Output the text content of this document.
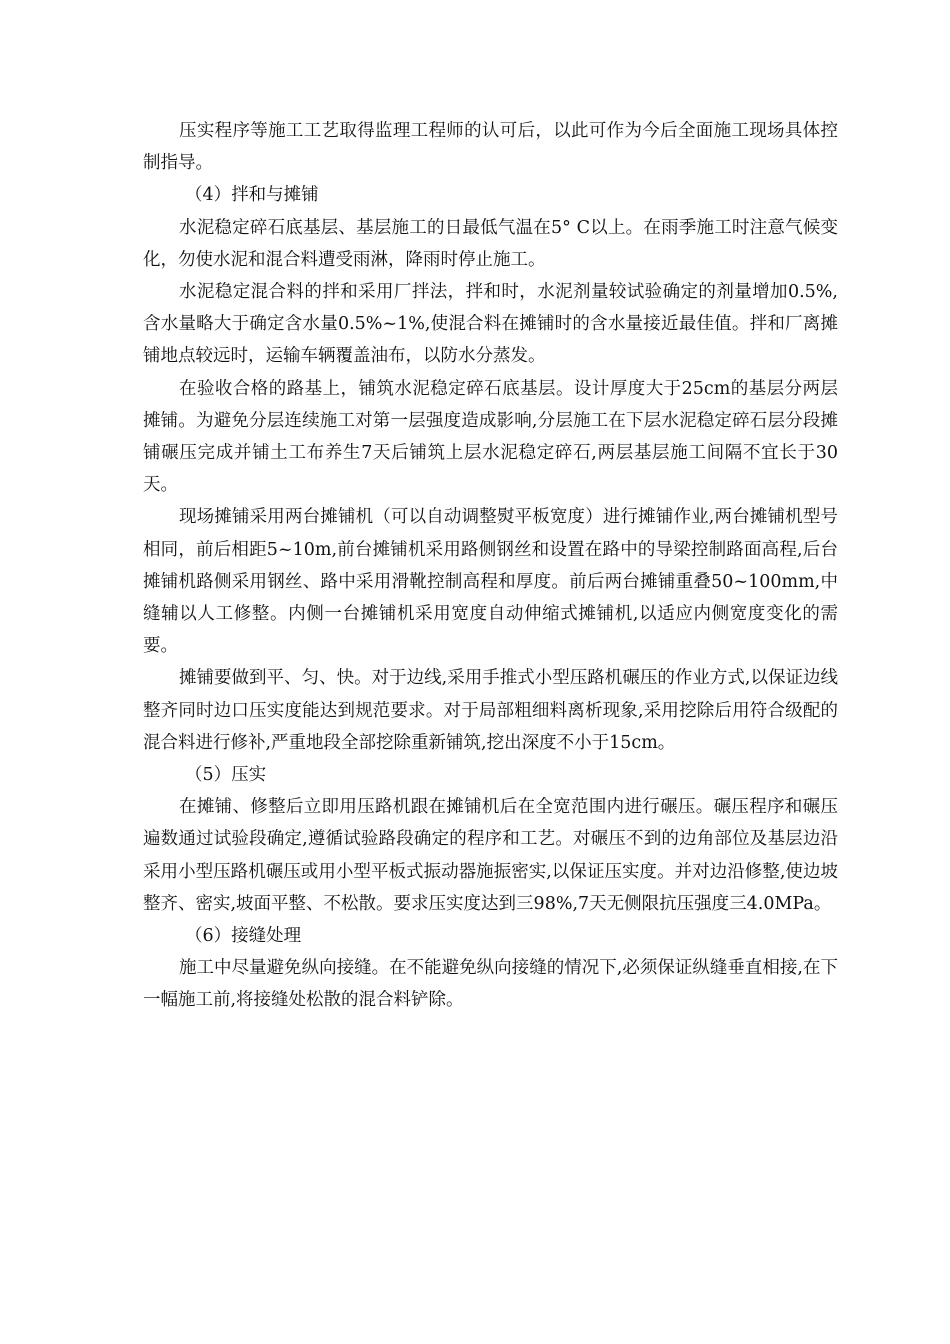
压实程序等施工工艺取得监理工程师的认可后，以此可作为今后全面施工现场具体控制指导。

（4）拌和与摊铺

水泥稳定碎石底基层、基层施工的日最低气温在5° C以上。在雨季施工时注意气候变化，勿使水泥和混合料遭受雨淋，降雨时停止施工。

水泥稳定混合料的拌和采用厂拌法，拌和时，水泥剂量较试验确定的剂量增加0.5%,含水量略大于确定含水量0.5%~1%,使混合料在摊铺时的含水量接近最佳值。拌和厂离摊铺地点较远时，运输车辆覆盖油布，以防水分蒸发。

在验收合格的路基上，铺筑水泥稳定碎石底基层。设计厚度大于25cm的基层分两层摊铺。为避免分层连续施工对第一层强度造成影响,分层施工在下层水泥稳定碎石层分段摊铺碾压完成并铺土工布养生7天后铺筑上层水泥稳定碎石,两层基层施工间隔不宜长于30天。

现场摊铺采用两台摊铺机（可以自动调整熨平板宽度）进行摊铺作业,两台摊铺机型号相同，前后相距5~10m,前台摊铺机采用路侧钢丝和设置在路中的导梁控制路面高程,后台摊铺机路侧采用钢丝、路中采用滑靴控制高程和厚度。前后两台摊铺重叠50~100mm,中缝辅以人工修整。内侧一台摊铺机采用宽度自动伸缩式摊铺机,以适应内侧宽度变化的需要。

摊铺要做到平、匀、快。对于边线,采用手推式小型压路机碾压的作业方式,以保证边线整齐同时边口压实度能达到规范要求。对于局部粗细料离析现象,采用挖除后用符合级配的混合料进行修补,严重地段全部挖除重新铺筑,挖出深度不小于15cm。

（5）压实

在摊铺、修整后立即用压路机跟在摊铺机后在全宽范围内进行碾压。碾压程序和碾压遍数通过试验段确定,遵循试验路段确定的程序和工艺。对碾压不到的边角部位及基层边沿采用小型压路机碾压或用小型平板式振动器施振密实,以保证压实度。并对边沿修整,使边坡整齐、密实,坡面平整、不松散。要求压实度达到三98%,7天无侧限抗压强度三4.0MPa。

（6）接缝处理

施工中尽量避免纵向接缝。在不能避免纵向接缝的情况下,必须保证纵缝垂直相接,在下一幅施工前,将接缝处松散的混合料铲除。
